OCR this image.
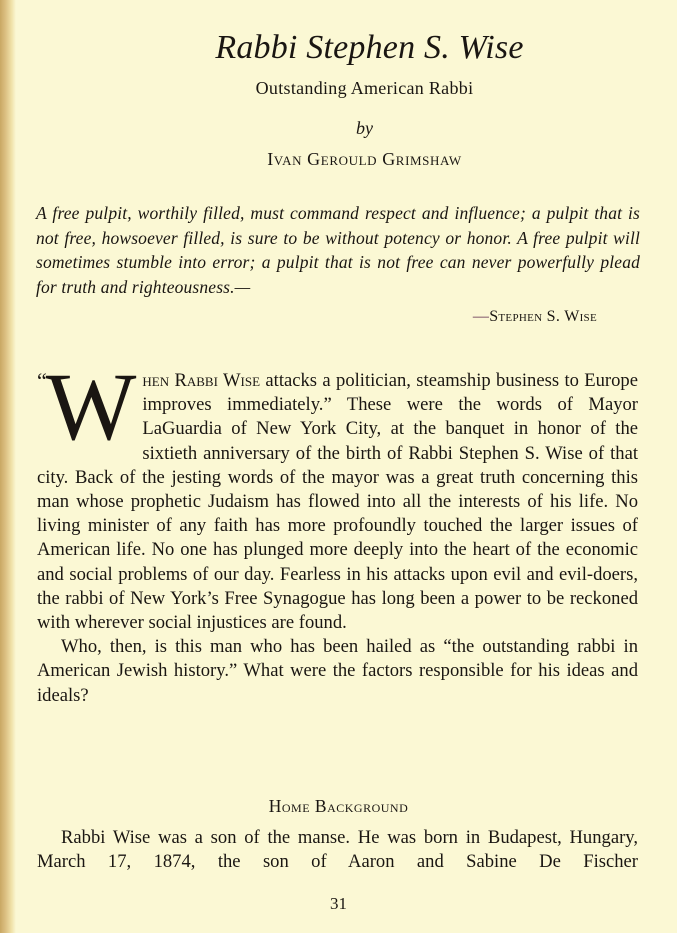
Rabbi Stephen S. Wise
Outstanding American Rabbi
by
Ivan Gerould Grimshaw
A free pulpit, worthily filled, must command respect and influence; a pulpit that is not free, howsoever filled, is sure to be without potency or honor. A free pulpit will sometimes stumble into error; a pulpit that is not free can never powerfully plead for truth and righteousness.—
—Stephen S. Wise

“ W hen Rabbi Wise attacks a politician, steamship business to Europe improves immediately.” These were the words of Mayor LaGuardia of New York City, at the banquet in honor of the sixtieth anniversary of the birth of Rabbi Stephen S. Wise of that city. Back of the jesting words of the mayor was a great truth concerning this man whose prophetic Judaism has flowed into all the interests of his life. No living minister of any faith has more profoundly touched the larger issues of American life. No one has plunged more deeply into the heart of the economic and social problems of our day. Fearless in his attacks upon evil and evil-doers, the rabbi of New York’s Free Synagogue has long been a power to be reckoned with wherever social injustices are found.

Who, then, is this man who has been hailed as “the outstanding rabbi in American Jewish history.” What were the factors responsible for his ideas and ideals?

Home Background

Rabbi Wise was a son of the manse. He was born in Budapest, Hungary, March 17, 1874, the son of Aaron and Sabine De Fischer

31
